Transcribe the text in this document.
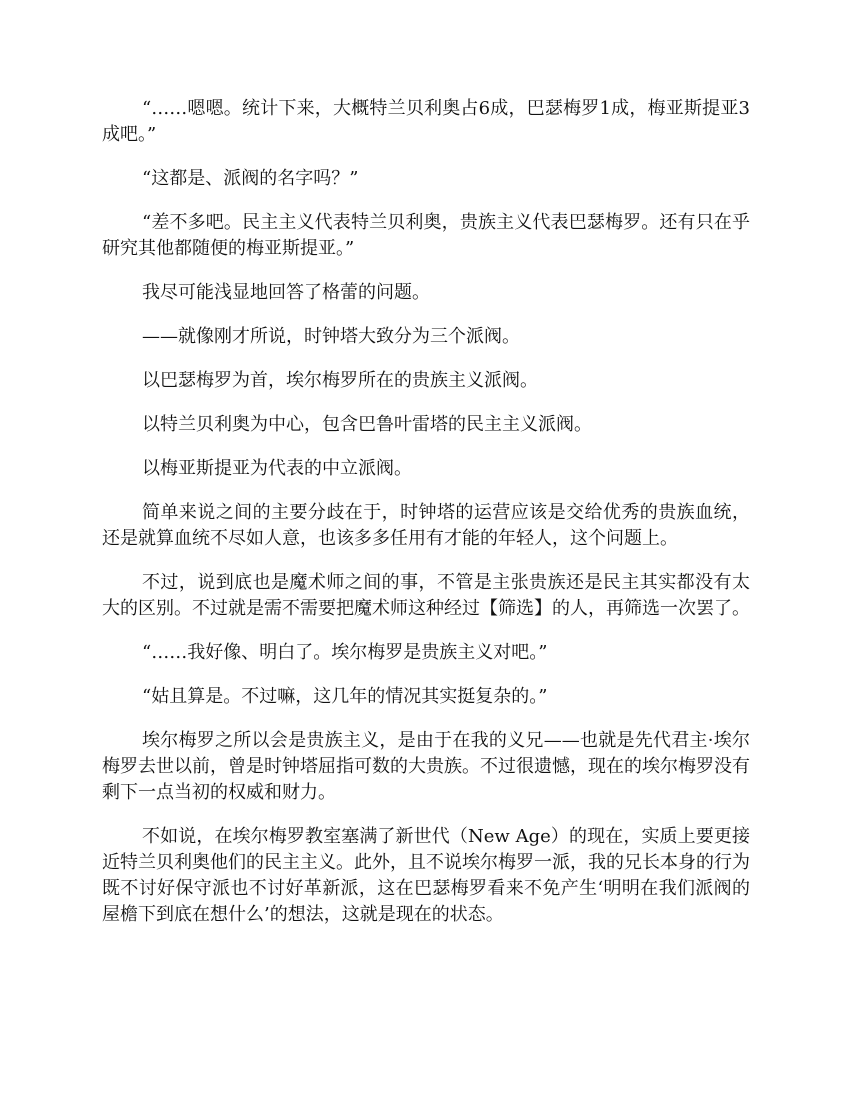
“……嗯嗯。统计下来，大概特兰贝利奥占6成，巴瑟梅罗1成，梅亚斯提亚3成吧。”

“这都是、派阀的名字吗？”

“差不多吧。民主主义代表特兰贝利奥，贵族主义代表巴瑟梅罗。还有只在乎研究其他都随便的梅亚斯提亚。”

我尽可能浅显地回答了格蕾的问题。

——就像刚才所说，时钟塔大致分为三个派阀。

以巴瑟梅罗为首，埃尔梅罗所在的贵族主义派阀。

以特兰贝利奥为中心，包含巴鲁叶雷塔的民主主义派阀。

以梅亚斯提亚为代表的中立派阀。

简单来说之间的主要分歧在于，时钟塔的运营应该是交给优秀的贵族血统，还是就算血统不尽如人意，也该多多任用有才能的年轻人，这个问题上。

不过，说到底也是魔术师之间的事，不管是主张贵族还是民主其实都没有太大的区别。不过就是需不需要把魔术师这种经过【筛选】的人，再筛选一次罢了。

“……我好像、明白了。埃尔梅罗是贵族主义对吧。”

“姑且算是。不过嘛，这几年的情况其实挺复杂的。”

埃尔梅罗之所以会是贵族主义，是由于在我的义兄——也就是先代君主·埃尔梅罗去世以前，曾是时钟塔屈指可数的大贵族。不过很遗憾，现在的埃尔梅罗没有剩下一点当初的权威和财力。

不如说，在埃尔梅罗教室塞满了新世代（New Age）的现在，实质上要更接近特兰贝利奥他们的民主主义。此外，且不说埃尔梅罗一派，我的兄长本身的行为既不讨好保守派也不讨好革新派，这在巴瑟梅罗看来不免产生‘明明在我们派阀的屋檐下到底在想什么’的想法，这就是现在的状态。
